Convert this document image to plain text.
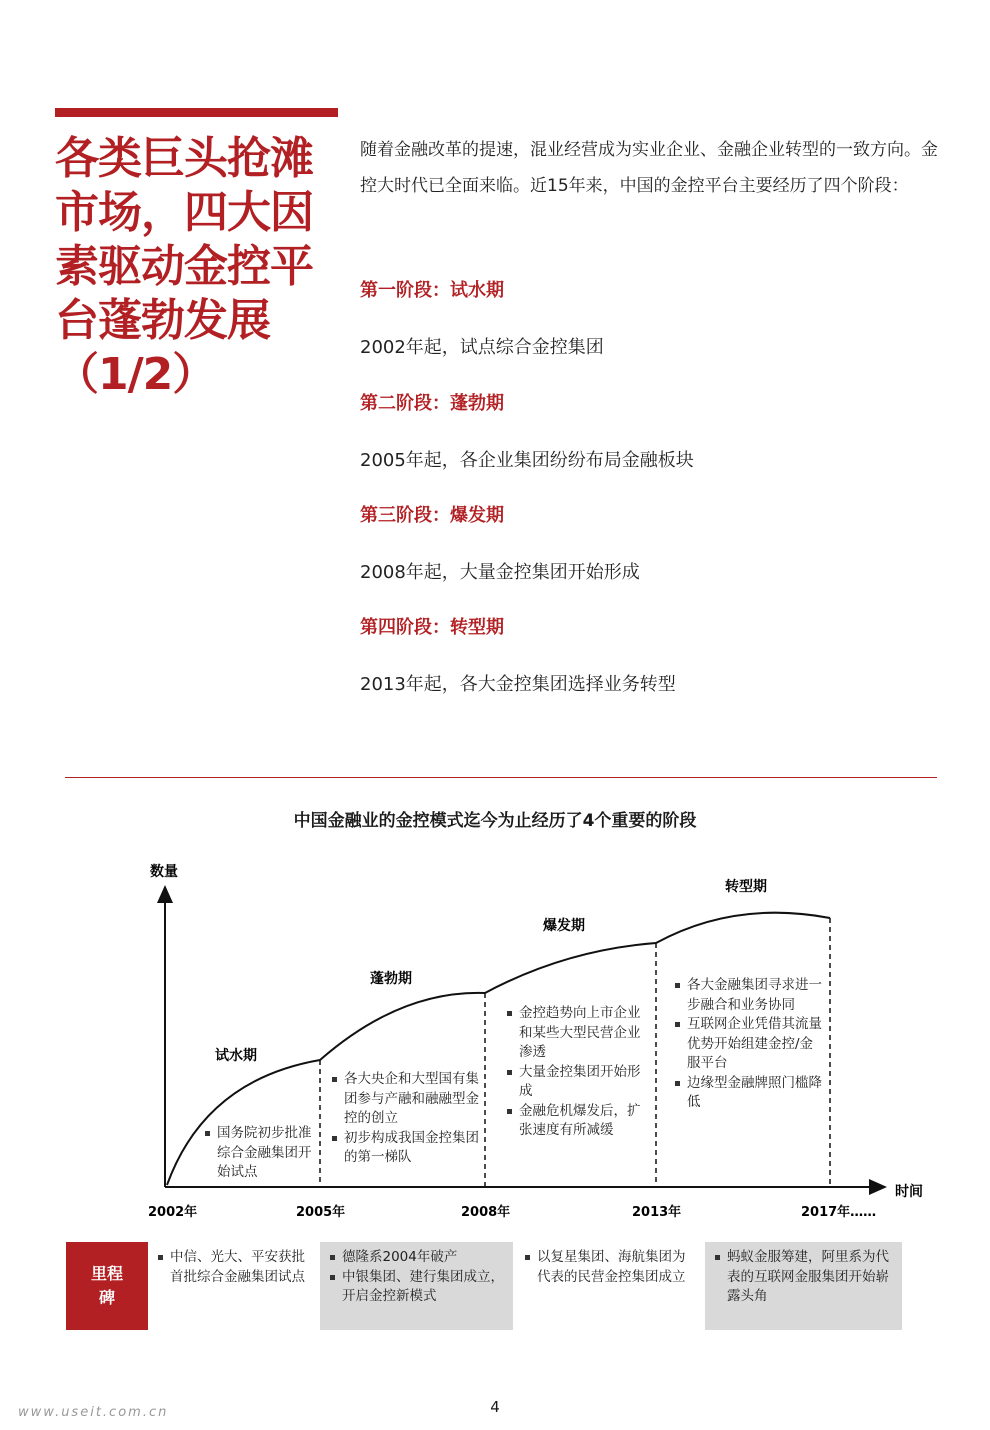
各类巨头抢滩
市场，四大因
素驱动金控平
台蓬勃发展
（1/2）
随着金融改革的提速，混业经营成为实业企业、金融企业转型的一致方向。金控大时代已全面来临。近15年来，中国的金控平台主要经历了四个阶段：
第一阶段：试水期
2002年起，试点综合金控集团
第二阶段：蓬勃期
2005年起，各企业集团纷纷布局金融板块
第三阶段：爆发期
2008年起，大量金控集团开始形成
第四阶段：转型期
2013年起，各大金控集团选择业务转型
中国金融业的金控模式迄今为止经历了4个重要的阶段
数量
时间
2002年	2005年	2008年	2013年	2017年……
试水期
蓬勃期
爆发期
转型期
国务院初步批准综合金融集团开始试点
各大央企和大型国有集团参与产融和融融型金控的创立
初步构成我国金控集团的第一梯队
金控趋势向上市企业和某些大型民营企业渗透
大量金控集团开始形成
金融危机爆发后，扩张速度有所减缓
各大金融集团寻求进一步融合和业务协同
互联网企业凭借其流量优势开始组建金控/金服平台
边缘型金融牌照门槛降低
里程碑
中信、光大、平安获批首批综合金融集团试点
德隆系2004年破产
中银集团、建行集团成立，开启金控新模式
以复星集团、海航集团为代表的民营金控集团成立
蚂蚁金服筹建，阿里系为代表的互联网金服集团开始崭露头角
4
www.useit.com.cn
